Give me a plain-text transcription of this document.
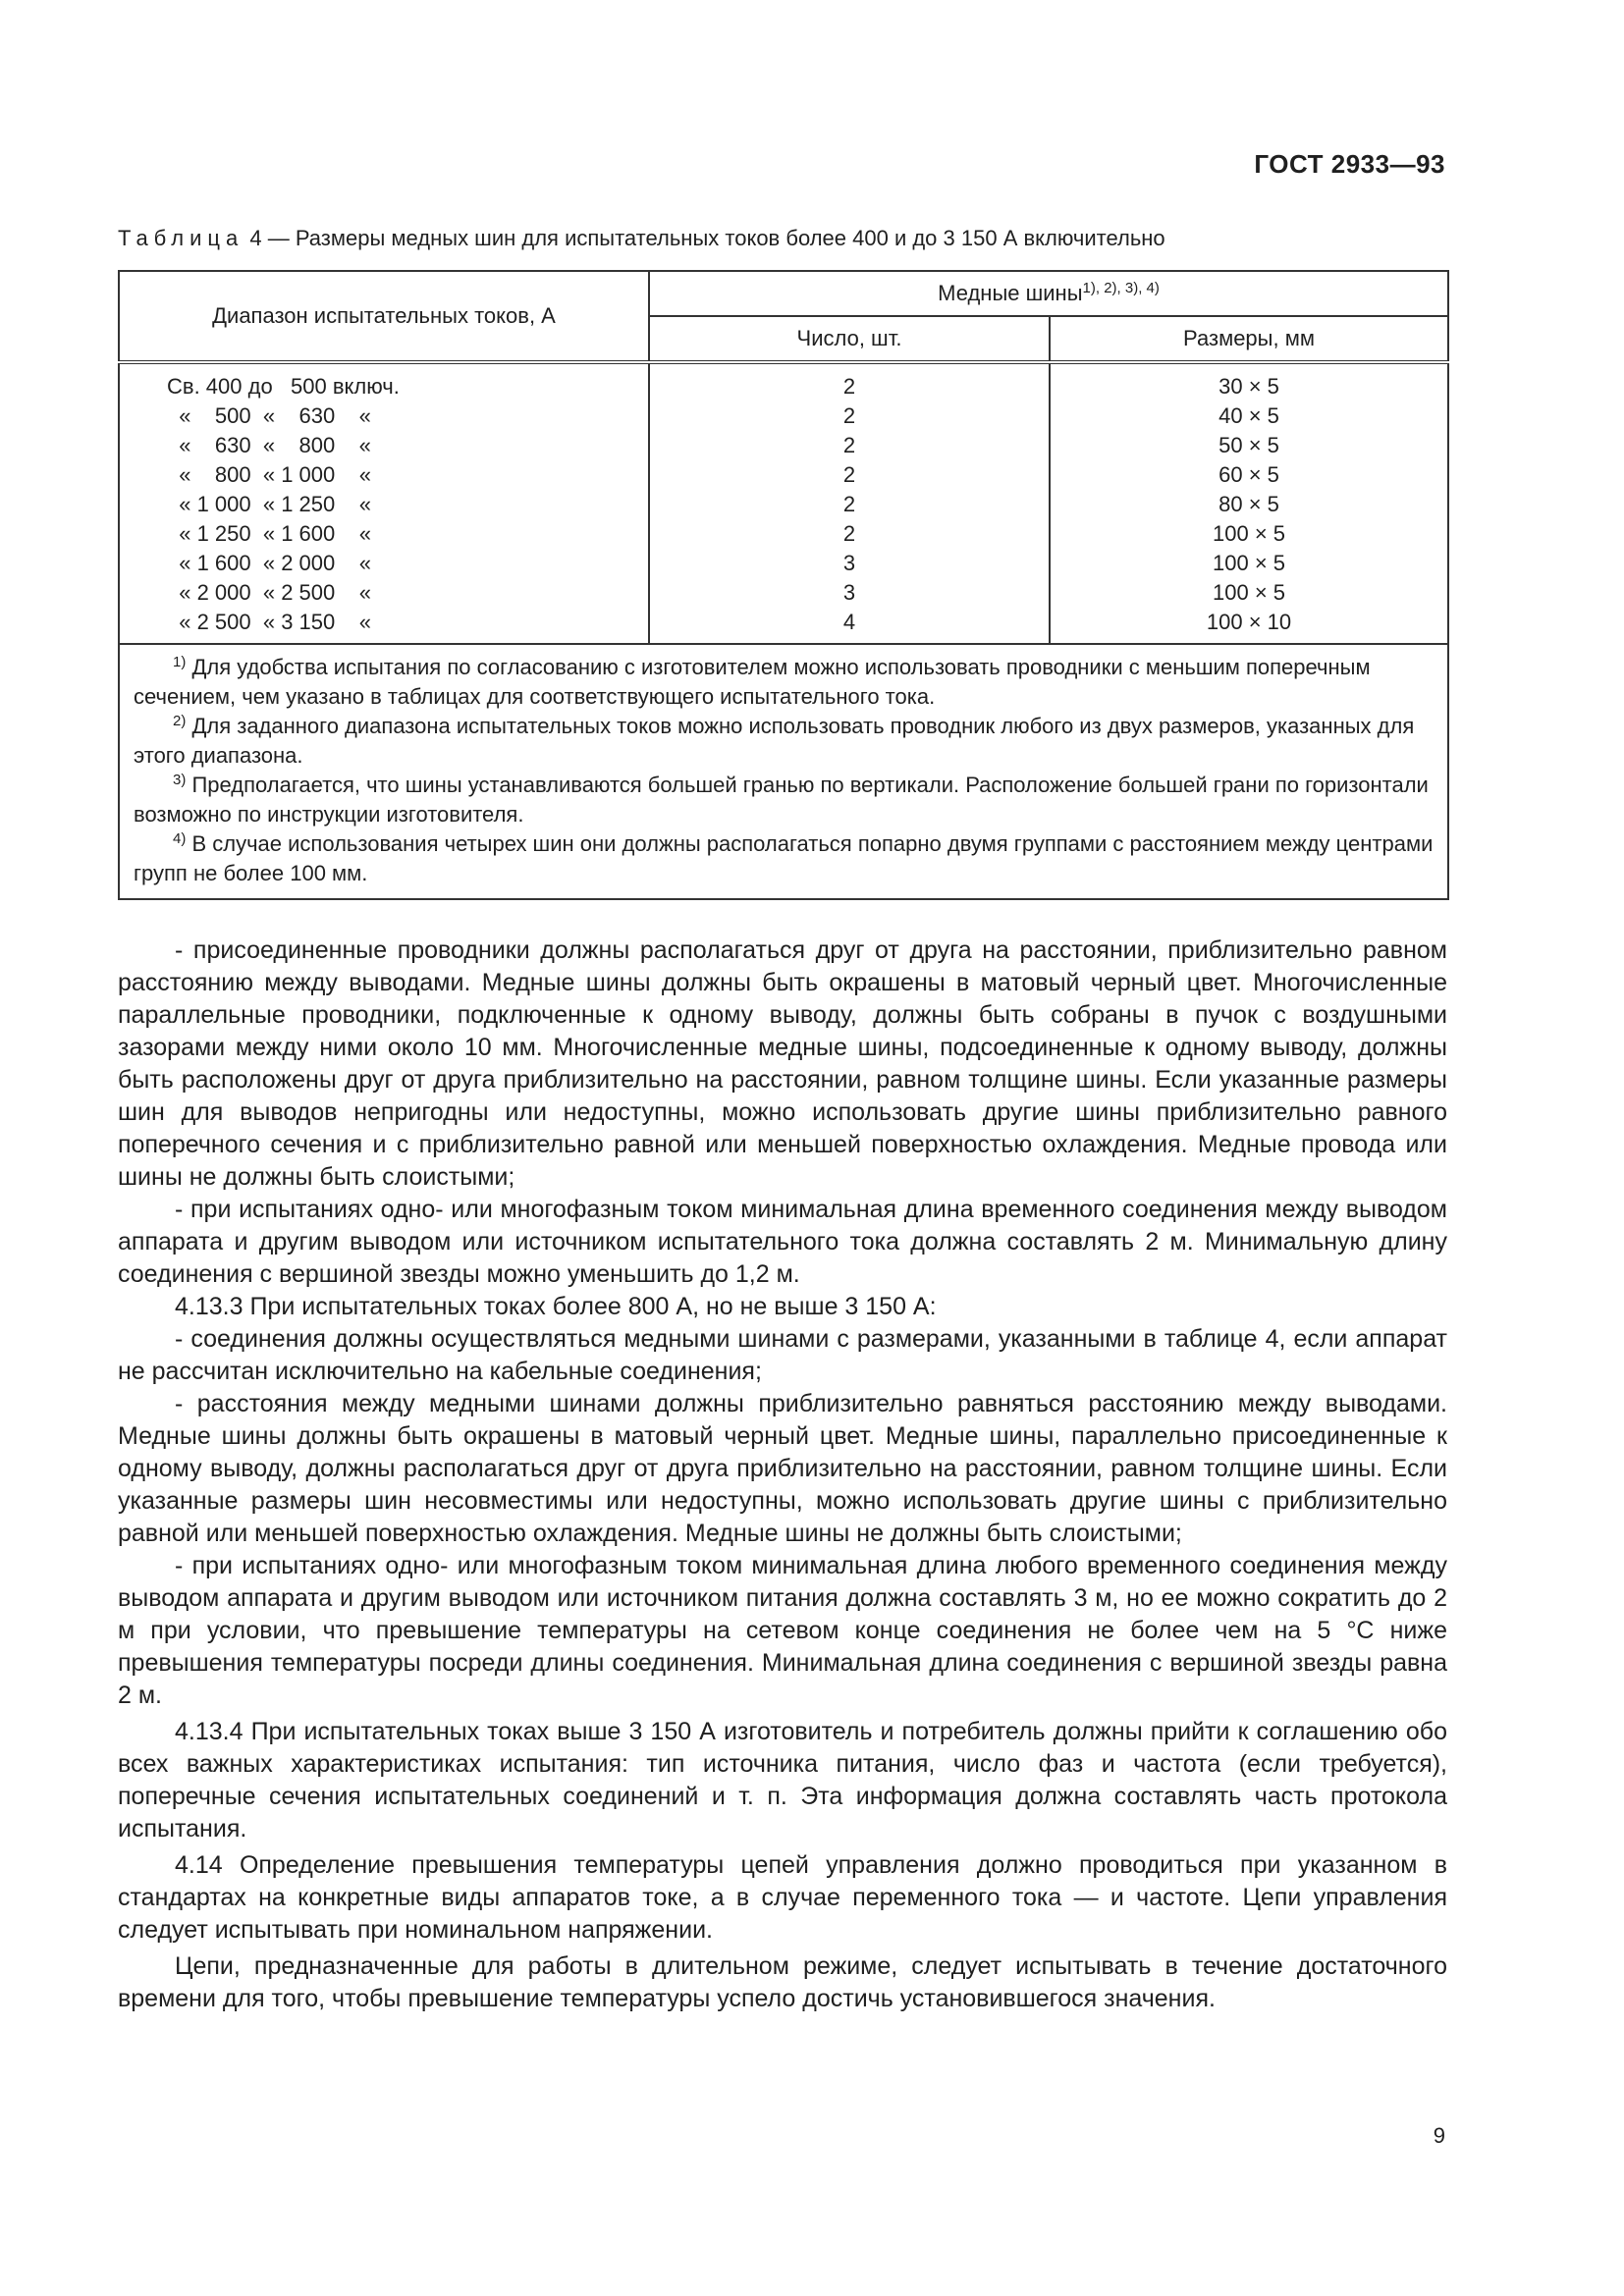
ГОСТ 2933—93
Таблица 4 — Размеры медных шин для испытательных токов более 400 и до 3 150 А включительно
Диапазон испытательных токов, А	Медные шины$^{1), 2), 3), 4)}$
	Число, шт.	Размеры, мм
Св. 400 до   500 включ.	2	30 × 5
«    500  «    630    «	2	40 × 5
«    630  «    800    «	2	50 × 5
«    800  « 1 000    «	2	60 × 5
« 1 000  « 1 250    «	2	80 × 5
« 1 250  « 1 600    «	2	100 × 5
« 1 600  « 2 000    «	3	100 × 5
« 2 000  « 2 500    «	3	100 × 5
« 2 500  « 3 150    «	4	100 × 10

$^{1)}$ Для удобства испытания по согласованию с изготовителем можно использовать проводники с меньшим поперечным сечением, чем указано в таблицах для соответствующего испытательного тока.
$^{2)}$ Для заданного диапазона испытательных токов можно использовать проводник любого из двух размеров, указанных для этого диапазона.
$^{3)}$ Предполагается, что шины устанавливаются большей гранью по вертикали. Расположение большей грани по горизонтали возможно по инструкции изготовителя.
$^{4)}$ В случае использования четырех шин они должны располагаться попарно двумя группами с расстоянием между центрами групп не более 100 мм.		

- присоединенные проводники должны располагаться друг от друга на расстоянии, приблизительно равном расстоянию между выводами. Медные шины должны быть окрашены в матовый черный цвет. Многочисленные параллельные проводники, подключенные к одному выводу, должны быть собраны в пучок с воздушными зазорами между ними около 10 мм. Многочисленные медные шины, подсоединенные к одному выводу, должны быть расположены друг от друга приблизительно на расстоянии, равном толщине шины. Если указанные размеры шин для выводов непригодны или недоступны, можно использовать другие шины приблизительно равного поперечного сечения и с приблизительно равной или меньшей поверхностью охлаждения. Медные провода или шины не должны быть слоистыми;

- при испытаниях одно- или многофазным током минимальная длина временного соединения между выводом аппарата и другим выводом или источником испытательного тока должна составлять 2 м. Минимальную длину соединения с вершиной звезды можно уменьшить до 1,2 м.

4.13.3 При испытательных токах более 800 А, но не выше 3 150 А:

- соединения должны осуществляться медными шинами с размерами, указанными в таблице 4, если аппарат не рассчитан исключительно на кабельные соединения;

- расстояния между медными шинами должны приблизительно равняться расстоянию между выводами. Медные шины должны быть окрашены в матовый черный цвет. Медные шины, параллельно присоединенные к одному выводу, должны располагаться друг от друга приблизительно на расстоянии, равном толщине шины. Если указанные размеры шин несовместимы или недоступны, можно использовать другие шины с приблизительно равной или меньшей поверхностью охлаждения. Медные шины не должны быть слоистыми;

- при испытаниях одно- или многофазным током минимальная длина любого временного соединения между выводом аппарата и другим выводом или источником питания должна составлять 3 м, но ее можно сократить до 2 м при условии, что превышение температуры на сетевом конце соединения не более чем на 5 °С ниже превышения температуры посреди длины соединения. Минимальная длина соединения с вершиной звезды равна 2 м.

4.13.4 При испытательных токах выше 3 150 А изготовитель и потребитель должны прийти к соглашению обо всех важных характеристиках испытания: тип источника питания, число фаз и частота (если требуется), поперечные сечения испытательных соединений и т. п. Эта информация должна составлять часть протокола испытания.

4.14 Определение превышения температуры цепей управления должно проводиться при указанном в стандартах на конкретные виды аппаратов токе, а в случае переменного тока — и частоте. Цепи управления следует испытывать при номинальном напряжении.

Цепи, предназначенные для работы в длительном режиме, следует испытывать в течение достаточного времени для того, чтобы превышение температуры успело достичь установившегося значения.

9
